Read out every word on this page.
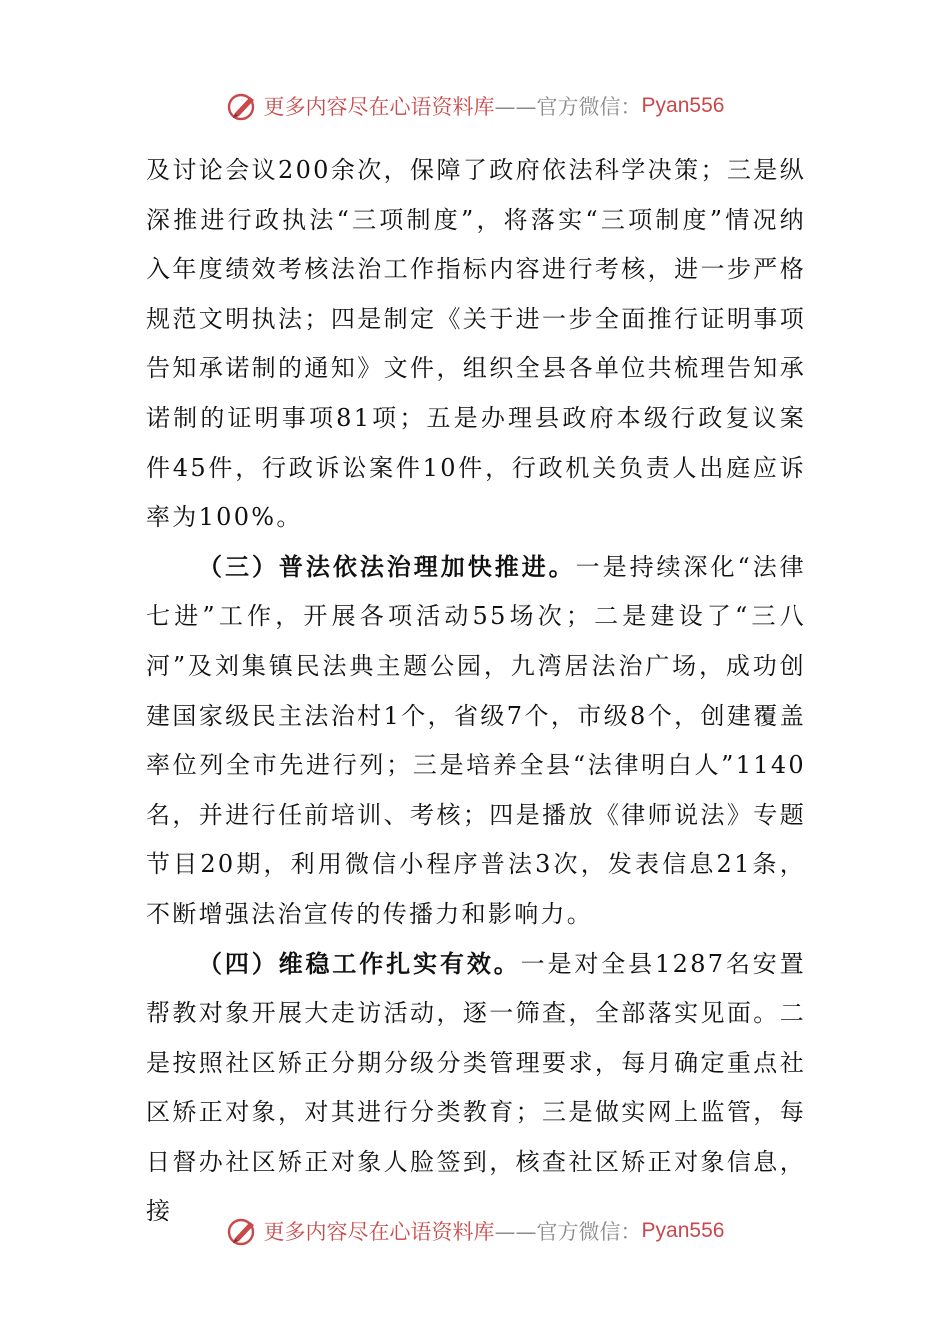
更多内容尽在心语资料库 ——官方微信： Pyan556

及讨论会议200余次，保障了政府依法科学决策；三是纵深推进行政执法“三项制度”，将落实“三项制度”情况纳入年度绩效考核法治工作指标内容进行考核，进一步严格规范文明执法；四是制定《关于进一步全面推行证明事项告知承诺制的通知》文件，组织全县各单位共梳理告知承诺制的证明事项81项；五是办理县政府本级行政复议案件45件，行政诉讼案件10件，行政机关负责人出庭应诉率为100%。

（三）普法依法治理加快推进。一是持续深化“法律七进”工作，开展各项活动55场次；二是建设了“三八河”及刘集镇民法典主题公园，九湾居法治广场，成功创建国家级民主法治村1个，省级7个，市级8个，创建覆盖率位列全市先进行列；三是培养全县“法律明白人”1140名，并进行任前培训、考核；四是播放《律师说法》专题节目20期，利用微信小程序普法3次，发表信息21条，不断增强法治宣传的传播力和影响力。

（四）维稳工作扎实有效。一是对全县1287名安置帮教对象开展大走访活动，逐一筛查，全部落实见面。二是按照社区矫正分期分级分类管理要求，每月确定重点社区矫正对象，对其进行分类教育；三是做实网上监管，每日督办社区矫正对象人脸签到，核查社区矫正对象信息，接

更多内容尽在心语资料库 ——官方微信： Pyan556
